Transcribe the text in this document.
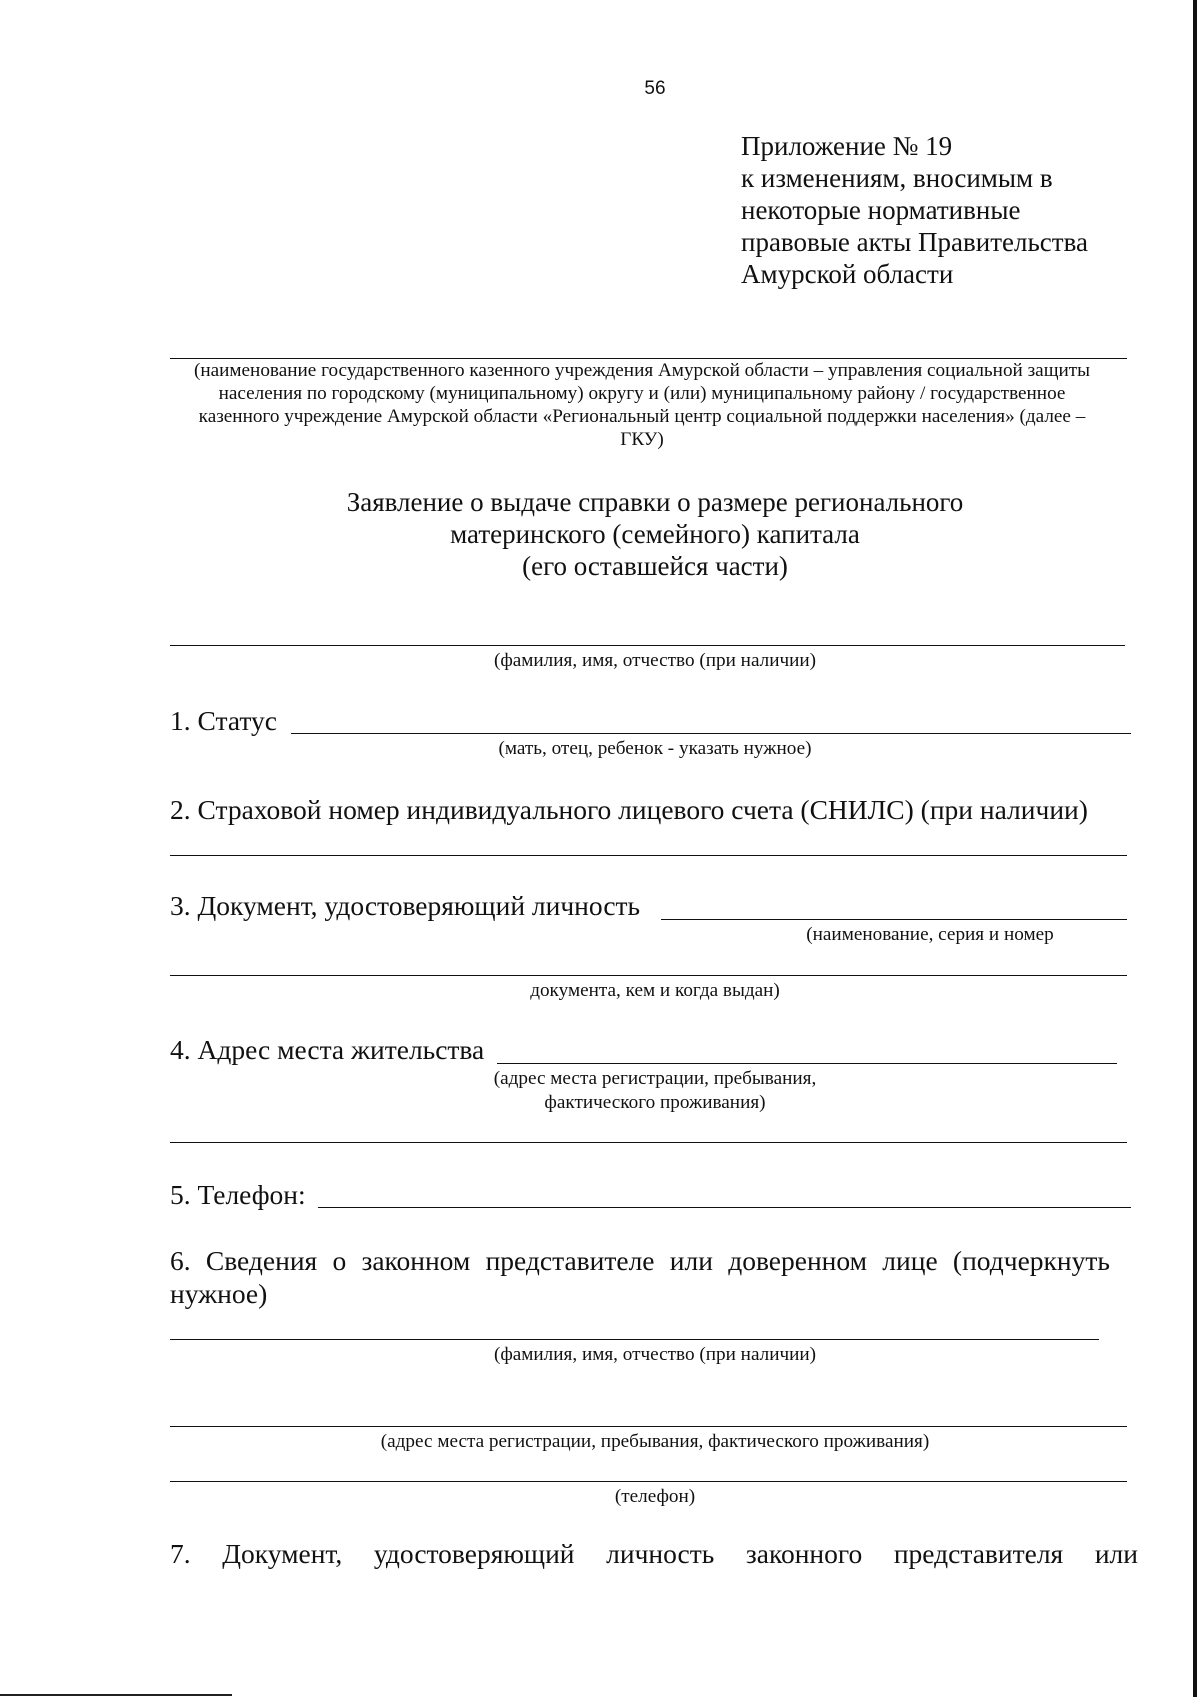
56
Приложение № 19
к изменениям, вносимым в
некоторые нормативные
правовые акты Правительства
Амурской области
(наименование государственного казенного учреждения Амурской области – управления социальной защиты
населения по городскому (муниципальному) округу и (или) муниципальному району / государственное
казенного учреждение Амурской области «Региональный центр социальной поддержки населения» (далее –
ГКУ)
Заявление о выдаче справки о размере регионального
материнского (семейного) капитала
(его оставшейся части)
(фамилия, имя, отчество (при наличии)
1. Статус
(мать, отец, ребенок - указать нужное)
2. Страховой номер индивидуального лицевого счета (СНИЛС) (при наличии)
3. Документ, удостоверяющий личность
(наименование, серия и номер
документа, кем и когда выдан)
4. Адрес места жительства
(адрес места регистрации, пребывания,
фактического проживания)
5. Телефон:
6. Сведения о законном представителе или доверенном лице (подчеркнуть
нужное)
(фамилия, имя, отчество (при наличии)
(адрес места регистрации, пребывания, фактического проживания)
(телефон)
7. Документ, удостоверяющий личность законного представителя или
